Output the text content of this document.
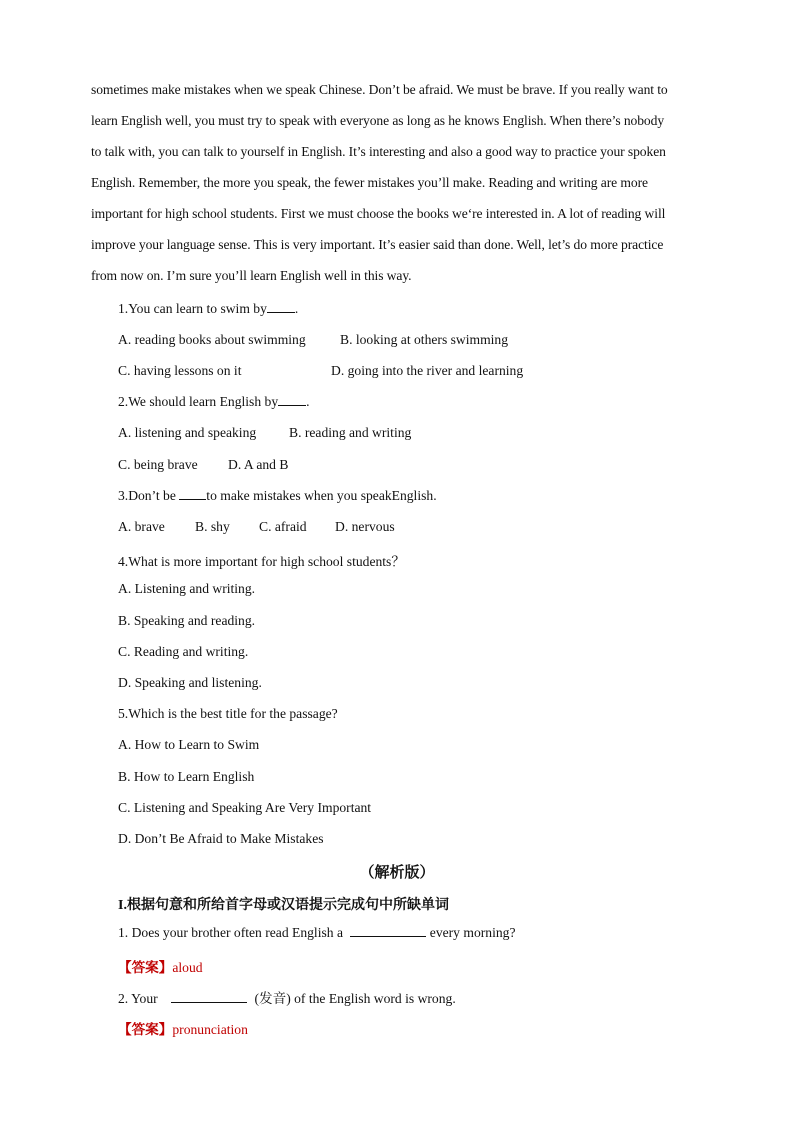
sometimes make mistakes when we speak Chinese. Don’t be afraid. We must be brave. If you really want to
learn English well, you must try to speak with everyone as long as he knows English. When there’s nobody
to talk with, you can talk to yourself in English. It’s interesting and also a good way to practice your spoken
English. Remember, the more you speak, the fewer mistakes you’ll make. Reading and writing are more
important for high school students. First we must choose the books we‘re interested in. A lot of reading will
improve your language sense. This is very important. It’s easier said than done. Well, let’s do more practice
from now on. I’m sure you’ll learn English well in this way.
1.You can learn to swim by .
A. reading books about swimming	B. looking at others swimming
C. having lessons on it	D. going into the river and learning
2.We should learn English by .
A. listening and speaking B. reading and writing
C. being brave D. A and B
3.Don’t be to make mistakes when you speakEnglish.
A. brave B. shy C. afraid D. nervous
4.What is more important for high school students？
A. Listening and writing.
B. Speaking and reading.
C. Reading and writing.
D. Speaking and listening.
5.Which is the best title for the passage?
A. How to Learn to Swim
B. How to Learn English
C. Listening and Speaking Are Very Important
D. Don’t Be Afraid to Make Mistakes
（解析版）
I.根据句意和所给首字母或汉语提示完成句中所缺单词
1. Does your brother often read English a	every morning?
【答案】aloud
2. Your	(发音) of the English word is wrong.
【答案】pronunciation
